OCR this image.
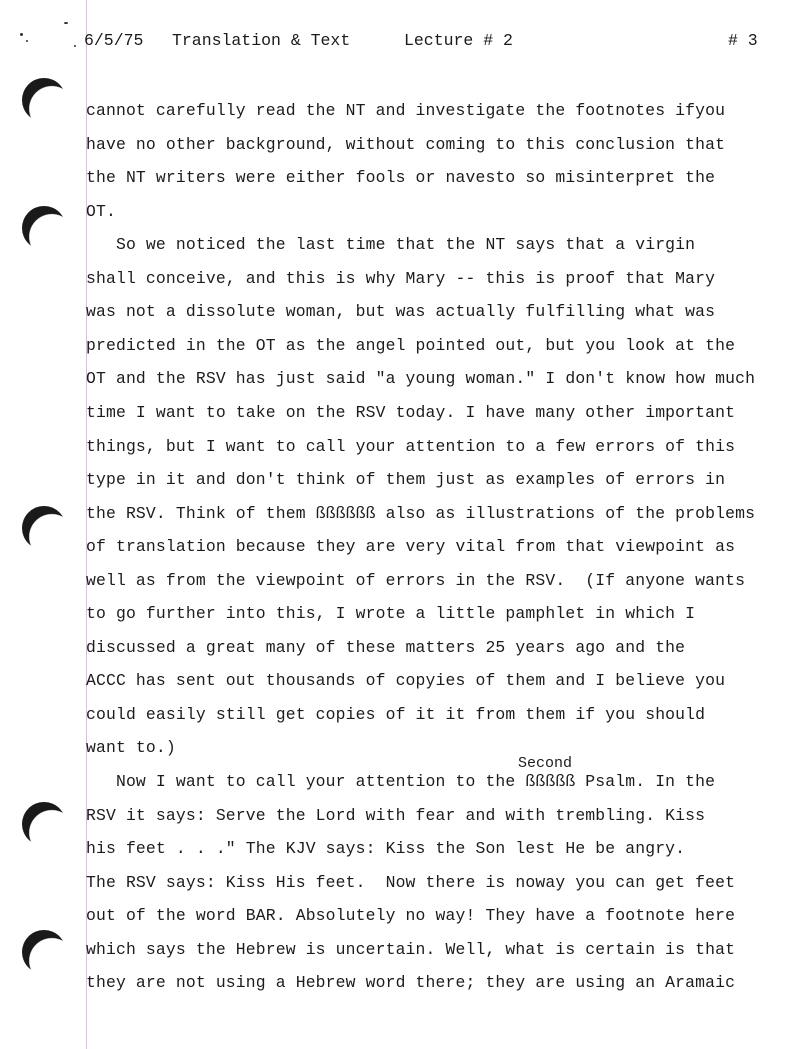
6/5/75 Translation & Text	Lecture # 2	# 3
cannot carefully read the NT and investigate the footnotes ifyou
have no other background, without coming to this conclusion that
the NT writers were either fools or navesto so misinterpret the
OT.
So we noticed the last time that the NT says that a virgin
shall conceive, and this is why Mary -- this is proof that Mary
was not a dissolute woman, but was actually fulfilling what was
predicted in the OT as the angel pointed out, but you look at the
OT and the RSV has just said "a young woman." I don't know how much
time I want to take on the RSV today. I have many other important
things, but I want to call your attention to a few errors of this
type in it and don't think of them just as examples of errors in
the RSV. Think of them ßßßßßß also as illustrations of the problems
of translation because they are very vital from that viewpoint as
well as from the viewpoint of errors in the RSV.  (If anyone wants
to go further into this, I wrote a little pamphlet in which I
discussed a great many of these matters 25 years ago and the
ACCC has sent out thousands of copyies of them and I believe you
could easily still get copies of it it from them if you should
want to.)
Now I want to call your attention to the ßßßßß Psalm. In the
RSV it says: Serve the Lord with fear and with trembling. Kiss
his feet . . ." The KJV says: Kiss the Son lest He be angry.
The RSV says: Kiss His feet.  Now there is noway you can get feet
out of the word BAR. Absolutely no way! They have a footnote here
which says the Hebrew is uncertain. Well, what is certain is that
they are not using a Hebrew word there; they are using an Aramaic
Second
